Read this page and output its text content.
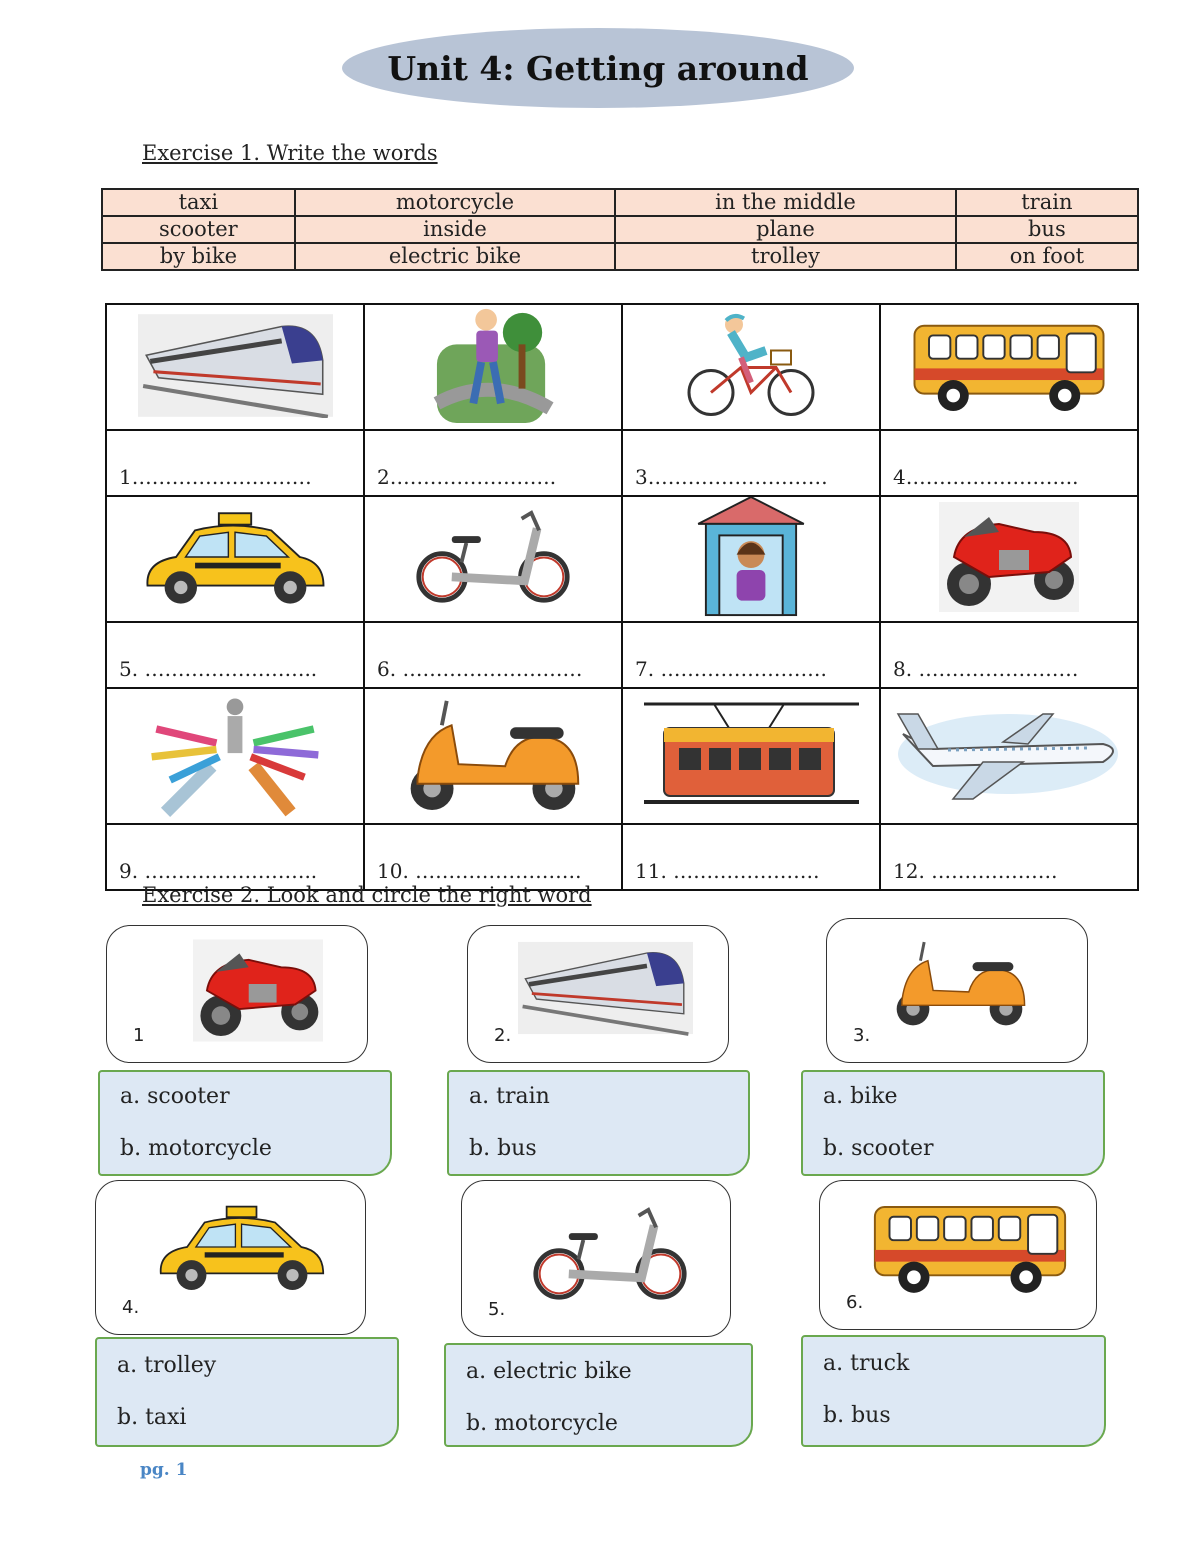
Unit 4: Getting around
Exercise 1. Write the words
taxi	motorcycle	in the middle	train
scooter	inside	plane	bus
by bike	electric bike	trolley	on foot

1………………………	2…………………….	3………………………	4……………………..

5. ……………………..	6. ………………………	7. …………………….	8. ……………………

9. ……………………..	10. …………………….	11. ………………….	12. ……………….
Exercise 2. Look and circle the right word
1	2.	3.
a. scooter
b. motorcycle
a. train
b. bus
a. bike
b. scooter
4.	5.	6.
a. trolley
b. taxi
a. electric bike
b. motorcycle
a. truck
b. bus
pg. 1
